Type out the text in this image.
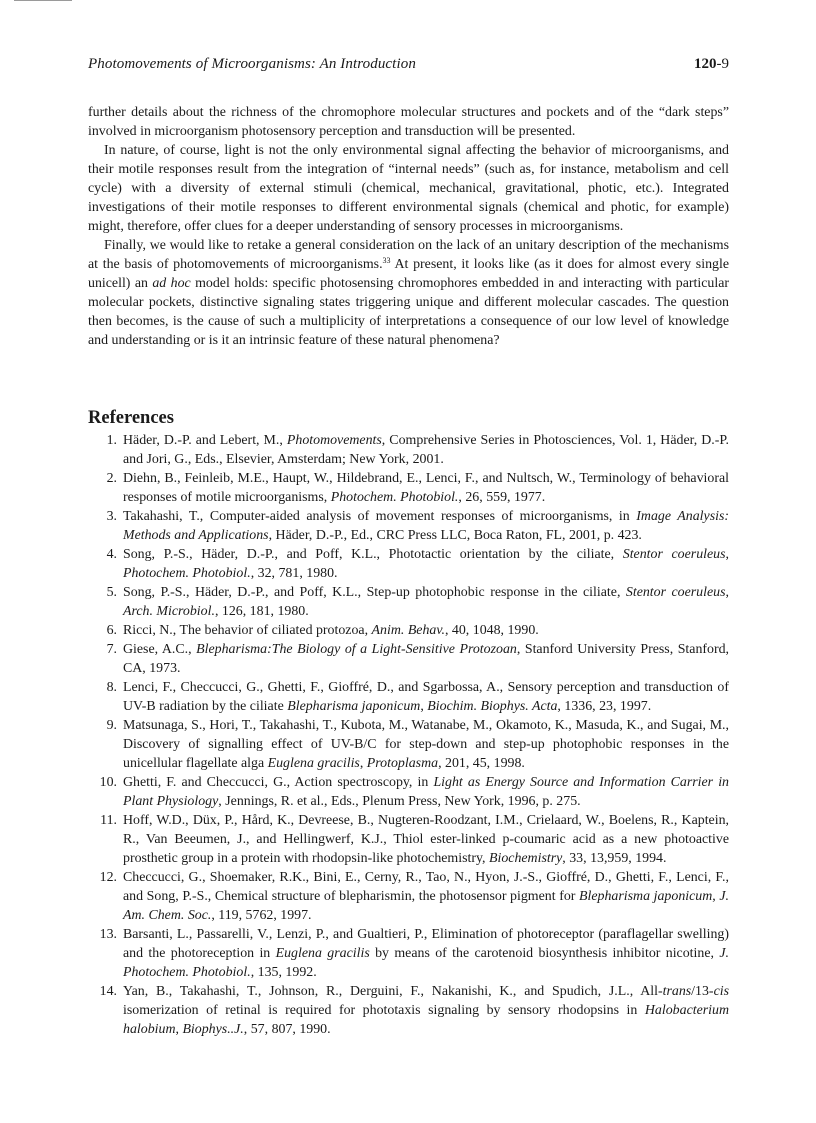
Photomovements of Microorganisms: An Introduction	120-9

further details about the richness of the chromophore molecular structures and pockets and of the “dark steps” involved in microorganism photosensory perception and transduction will be presented.

In nature, of course, light is not the only environmental signal affecting the behavior of microorganisms, and their motile responses result from the integration of “internal needs” (such as, for instance, metabolism and cell cycle) with a diversity of external stimuli (chemical, mechanical, gravitational, photic, etc.). Integrated investigations of their motile responses to different environmental signals (chemical and photic, for example) might, therefore, offer clues for a deeper understanding of sensory processes in microorganisms.

Finally, we would like to retake a general consideration on the lack of an unitary description of the mechanisms at the basis of photomovements of microorganisms.$^{33}$ At present, it looks like (as it does for almost every single unicell) an ad hoc model holds: specific photosensing chromophores embedded in and interacting with particular molecular pockets, distinctive signaling states triggering unique and different molecular cascades. The question then becomes, is the cause of such a multiplicity of interpretations a consequence of our low level of knowledge and understanding or is it an intrinsic feature of these natural phenomena?

References
1. Häder, D.-P. and Lebert, M., Photomovements, Comprehensive Series in Photosciences, Vol. 1, Häder, D.-P. and Jori, G., Eds., Elsevier, Amsterdam; New York, 2001.
2. Diehn, B., Feinleib, M.E., Haupt, W., Hildebrand, E., Lenci, F., and Nultsch, W., Terminology of behavioral responses of motile microorganisms, Photochem. Photobiol., 26, 559, 1977.
3. Takahashi, T., Computer-aided analysis of movement responses of microorganisms, in Image Analysis: Methods and Applications, Häder, D.-P., Ed., CRC Press LLC, Boca Raton, FL, 2001, p. 423.
4. Song, P.-S., Häder, D.-P., and Poff, K.L., Phototactic orientation by the ciliate, Stentor coeruleus, Photochem. Photobiol., 32, 781, 1980.
5. Song, P.-S., Häder, D.-P., and Poff, K.L., Step-up photophobic response in the ciliate, Stentor coeruleus, Arch. Microbiol., 126, 181, 1980.
6. Ricci, N., The behavior of ciliated protozoa, Anim. Behav., 40, 1048, 1990.
7. Giese, A.C., Blepharisma:The Biology of a Light-Sensitive Protozoan, Stanford University Press, Stanford, CA, 1973.
8. Lenci, F., Checcucci, G., Ghetti, F., Gioffré, D., and Sgarbossa, A., Sensory perception and transduction of UV-B radiation by the ciliate Blepharisma japonicum, Biochim. Biophys. Acta, 1336, 23, 1997.
9. Matsunaga, S., Hori, T., Takahashi, T., Kubota, M., Watanabe, M., Okamoto, K., Masuda, K., and Sugai, M., Discovery of signalling effect of UV-B/C for step-down and step-up photophobic responses in the unicellular flagellate alga Euglena gracilis, Protoplasma, 201, 45, 1998.
10. Ghetti, F. and Checcucci, G., Action spectroscopy, in Light as Energy Source and Information Carrier in Plant Physiology, Jennings, R. et al., Eds., Plenum Press, New York, 1996, p. 275.
11. Hoff, W.D., Düx, P., Hård, K., Devreese, B., Nugteren-Roodzant, I.M., Crielaard, W., Boelens, R., Kaptein, R., Van Beeumen, J., and Hellingwerf, K.J., Thiol ester-linked p-coumaric acid as a new photoactive prosthetic group in a protein with rhodopsin-like photochemistry, Biochemistry, 33, 13,959, 1994.
12. Checcucci, G., Shoemaker, R.K., Bini, E., Cerny, R., Tao, N., Hyon, J.-S., Gioffré, D., Ghetti, F., Lenci, F., and Song, P.-S., Chemical structure of blepharismin, the photosensor pigment for Blepharisma japonicum, J. Am. Chem. Soc., 119, 5762, 1997.
13. Barsanti, L., Passarelli, V., Lenzi, P., and Gualtieri, P., Elimination of photoreceptor (paraflagellar swelling) and the photoreception in Euglena gracilis by means of the carotenoid biosynthesis inhibitor nicotine, J. Photochem. Photobiol., 135, 1992.
14. Yan, B., Takahashi, T., Johnson, R., Derguini, F., Nakanishi, K., and Spudich, J.L., All-trans/13-cis isomerization of retinal is required for phototaxis signaling by sensory rhodopsins in Halobacterium halobium, Biophys..J., 57, 807, 1990.
